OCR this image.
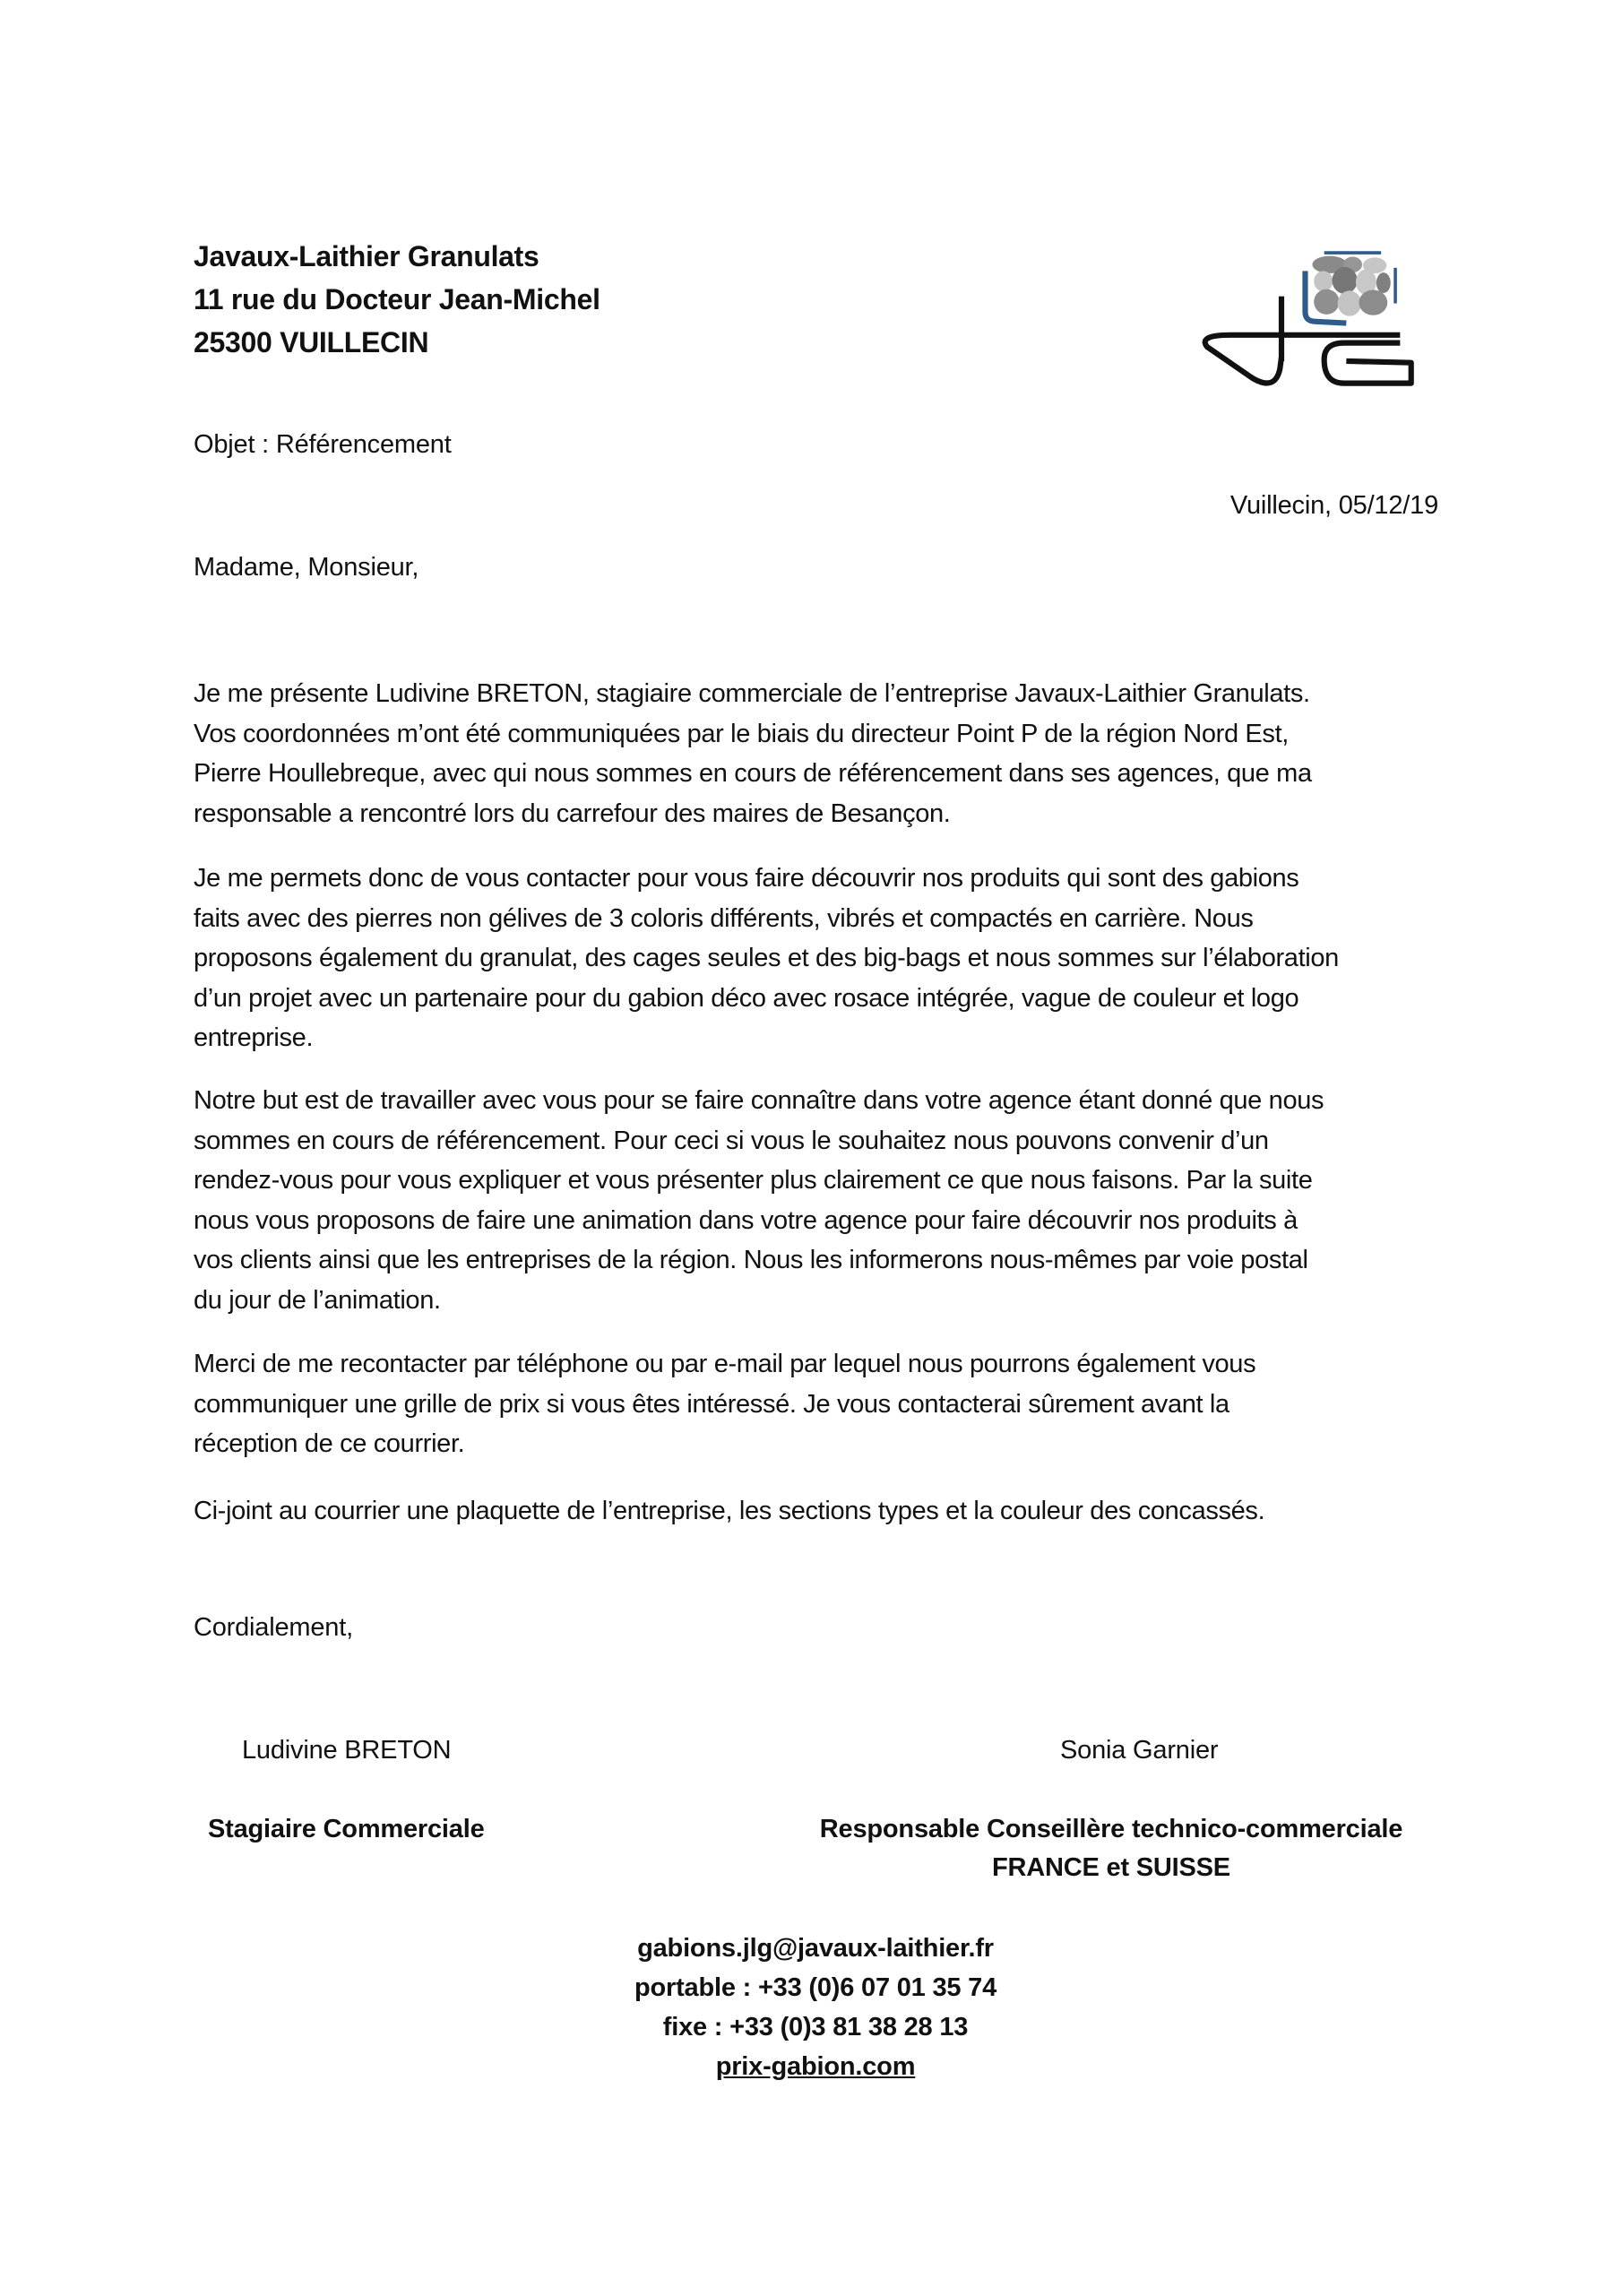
Javaux-Laithier Granulats
11 rue du Docteur Jean-Michel
25300 VUILLECIN
Objet : Référencement
Vuillecin, 05/12/19
Madame, Monsieur,
Je me présente Ludivine BRETON, stagiaire commerciale de l’entreprise Javaux-Laithier Granulats.
Vos coordonnées m’ont été communiquées par le biais du directeur Point P de la région Nord Est,
Pierre Houllebreque, avec qui nous sommes en cours de référencement dans ses agences, que ma
responsable a rencontré lors du carrefour des maires de Besançon.
Je me permets donc de vous contacter pour vous faire découvrir nos produits qui sont des gabions
faits avec des pierres non gélives de 3 coloris différents, vibrés et compactés en carrière. Nous
proposons également du granulat, des cages seules et des big-bags et nous sommes sur l’élaboration
d’un projet avec un partenaire pour du gabion déco avec rosace intégrée, vague de couleur et logo
entreprise.
Notre but est de travailler avec vous pour se faire connaître dans votre agence étant donné que nous
sommes en cours de référencement. Pour ceci si vous le souhaitez nous pouvons convenir d’un
rendez-vous pour vous expliquer et vous présenter plus clairement ce que nous faisons. Par la suite
nous vous proposons de faire une animation dans votre agence pour faire découvrir nos produits à
vos clients ainsi que les entreprises de la région. Nous les informerons nous-mêmes par voie postal
du jour de l’animation.
Merci de me recontacter par téléphone ou par e-mail par lequel nous pourrons également vous
communiquer une grille de prix si vous êtes intéressé. Je vous contacterai sûrement avant la
réception de ce courrier.
Ci-joint au courrier une plaquette de l’entreprise, les sections types et la couleur des concassés.
Cordialement,
Ludivine BRETON	Sonia Garnier
Stagiaire Commerciale	Responsable Conseillère technico-commerciale
FRANCE et SUISSE
gabions.jlg@javaux-laithier.fr
portable : +33 (0)6 07 01 35 74
fixe : +33 (0)3 81 38 28 13
prix-gabion.com
